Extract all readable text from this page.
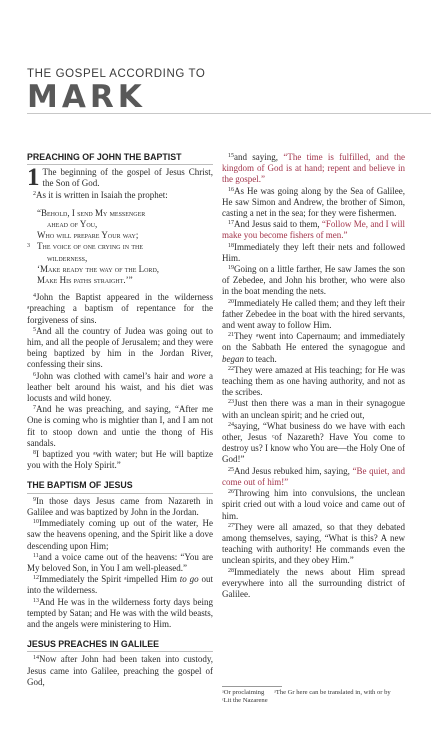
THE GOSPEL ACCORDING TO
MARK
PREACHING OF JOHN THE BAPTIST

1 The beginning of the gospel of Jesus Christ, the Son of God.

$^2$As it is written in Isaiah the prophet:

“Behold, I send My messenger
ahead of You,
Who will prepare Your way;
3 The voice of one crying in the
wilderness,
‘Make ready the way of the Lord,
Make His paths straight.’”

$^4$John the Baptist appeared in the wilderness ᵃpreaching a baptism of repentance for the forgiveness of sins.

$^5$And all the country of Judea was going out to him, and all the people of Jerusalem; and they were being baptized by him in the Jordan River, confessing their sins.

$^6$John was clothed with camel’s hair and wore a leather belt around his waist, and his diet was locusts and wild honey.

$^7$And he was preaching, and saying, “After me One is coming who is mightier than I, and I am not fit to stoop down and untie the thong of His sandals.

$^8$I baptized you ᵃwith water; but He will baptize you with the Holy Spirit.”

THE BAPTISM OF JESUS

$^9$In those days Jesus came from Nazareth in Galilee and was baptized by John in the Jordan.

$^{10}$Immediately coming up out of the water, He saw the heavens opening, and the Spirit like a dove descending upon Him;

$^{11}$and a voice came out of the heavens: “You are My beloved Son, in You I am well-pleased.”

$^{12}$Immediately the Spirit ᵃimpelled Him to go out into the wilderness.

$^{13}$And He was in the wilderness forty days being tempted by Satan; and He was with the wild beasts, and the angels were ministering to Him.

JESUS PREACHES IN GALILEE

$^{14}$Now after John had been taken into custody, Jesus came into Galilee, preaching the gospel of God,

$^{15}$and saying, “The time is fulfilled, and the kingdom of God is at hand; repent and believe in the gospel.”

$^{16}$As He was going along by the Sea of Galilee, He saw Simon and Andrew, the brother of Simon, casting a net in the sea; for they were fishermen.

$^{17}$And Jesus said to them, “Follow Me, and I will make you become fishers of men.”

$^{18}$Immediately they left their nets and followed Him.

$^{19}$Going on a little farther, He saw James the son of Zebedee, and John his brother, who were also in the boat mending the nets.

$^{20}$Immediately He called them; and they left their father Zebedee in the boat with the hired servants, and went away to follow Him.

$^{21}$They ᵃwent into Capernaum; and immediately on the Sabbath He entered the synagogue and began to teach.

$^{22}$They were amazed at His teaching; for He was teaching them as one having authority, and not as the scribes.

$^{23}$Just then there was a man in their synagogue with an unclean spirit; and he cried out,

$^{24}$saying, “What business do we have with each other, Jesus ᶜof Nazareth? Have You come to destroy us? I know who You are—the Holy One of God!”

$^{25}$And Jesus rebuked him, saying, “Be quiet, and come out of him!”

$^{26}$Throwing him into convulsions, the unclean spirit cried out with a loud voice and came out of him.

$^{27}$They were all amazed, so that they debated among themselves, saying, “What is this? A new teaching with authority! He commands even the unclean spirits, and they obey Him.”

$^{28}$Immediately the news about Him spread everywhere into all the surrounding district of Galilee.

ᵃOr proclaiming ᵃThe Gr here can be translated in, with or by ᶜLit the Nazarene
